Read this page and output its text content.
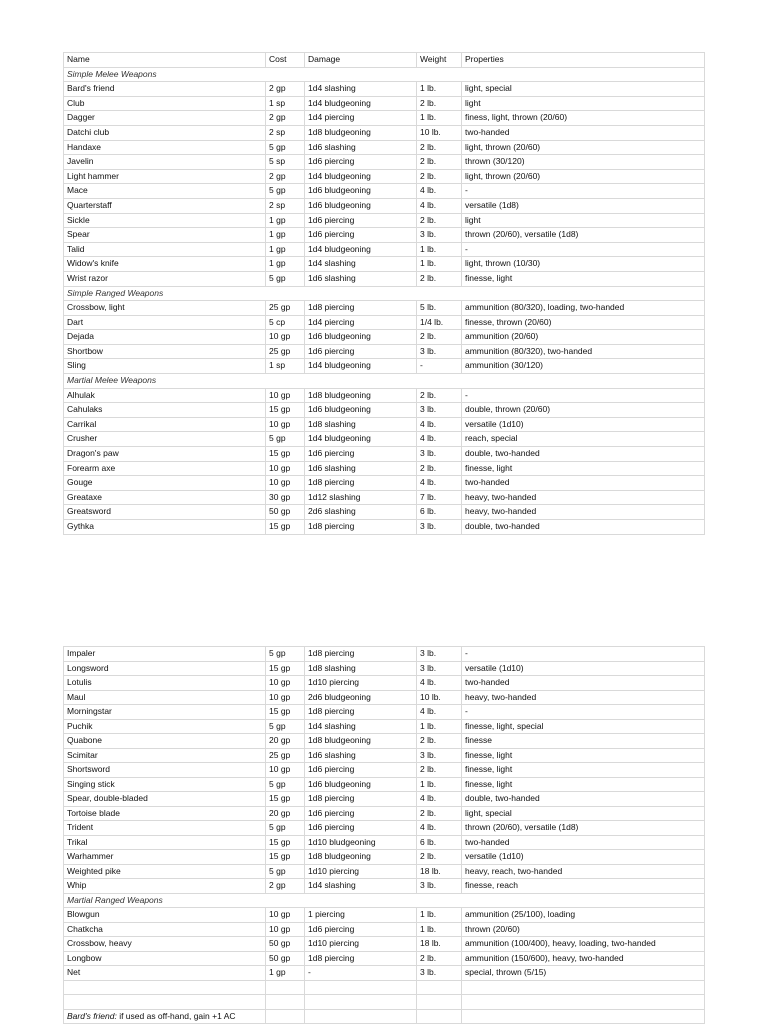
Name	Cost	Damage	Weight	Properties
Simple Melee Weapons				
Bard's friend	2 gp	1d4 slashing	1 lb.	light, special
Club	1 sp	1d4 bludgeoning	2 lb.	light
Dagger	2 gp	1d4 piercing	1 lb.	finess, light, thrown (20/60)
Datchi club	2 sp	1d8 bludgeoning	10 lb.	two-handed
Handaxe	5 gp	1d6 slashing	2 lb.	light, thrown (20/60)
Javelin	5 sp	1d6 piercing	2 lb.	thrown (30/120)
Light hammer	2 gp	1d4 bludgeoning	2 lb.	light, thrown (20/60)
Mace	5 gp	1d6 bludgeoning	4 lb.	-
Quarterstaff	2 sp	1d6 bludgeoning	4 lb.	versatile (1d8)
Sickle	1 gp	1d6 piercing	2 lb.	light
Spear	1 gp	1d6 piercing	3 lb.	thrown (20/60), versatile (1d8)
Talid	1 gp	1d4 bludgeoning	1 lb.	-
Widow's knife	1 gp	1d4 slashing	1 lb.	light, thrown (10/30)
Wrist razor	5 gp	1d6 slashing	2 lb.	finesse, light
Simple Ranged Weapons				
Crossbow, light	25 gp	1d8 piercing	5 lb.	ammunition (80/320), loading, two-handed
Dart	5 cp	1d4 piercing	1/4 lb.	finesse, thrown (20/60)
Dejada	10 gp	1d6 bludgeoning	2 lb.	ammunition (20/60)
Shortbow	25 gp	1d6 piercing	3 lb.	ammunition (80/320), two-handed
Sling	1 sp	1d4 bludgeoning	-	ammunition (30/120)
Martial Melee Weapons				
Alhulak	10 gp	1d8 bludgeoning	2 lb.	-
Cahulaks	15 gp	1d6 bludgeoning	3 lb.	double, thrown (20/60)
Carrikal	10 gp	1d8 slashing	4 lb.	versatile (1d10)
Crusher	5 gp	1d4 bludgeoning	4 lb.	reach, special
Dragon's paw	15 gp	1d6 piercing	3 lb.	double, two-handed
Forearm axe	10 gp	1d6 slashing	2 lb.	finesse, light
Gouge	10 gp	1d8 piercing	4 lb.	two-handed
Greataxe	30 gp	1d12 slashing	7 lb.	heavy, two-handed
Greatsword	50 gp	2d6 slashing	6 lb.	heavy, two-handed
Gythka	15 gp	1d8 piercing	3 lb.	double, two-handed
Impaler	5 gp	1d8 piercing	3 lb.	-
Longsword	15 gp	1d8 slashing	3 lb.	versatile (1d10)
Lotulis	10 gp	1d10 piercing	4 lb.	two-handed
Maul	10 gp	2d6 bludgeoning	10 lb.	heavy, two-handed
Morningstar	15 gp	1d8 piercing	4 lb.	-
Puchik	5 gp	1d4 slashing	1 lb.	finesse, light, special
Quabone	20 gp	1d8 bludgeoning	2 lb.	finesse
Scimitar	25 gp	1d6 slashing	3 lb.	finesse, light
Shortsword	10 gp	1d6 piercing	2 lb.	finesse, light
Singing stick	5 gp	1d6 bludgeoning	1 lb.	finesse, light
Spear, double-bladed	15 gp	1d8 piercing	4 lb.	double, two-handed
Tortoise blade	20 gp	1d6 piercing	2 lb.	light, special
Trident	5 gp	1d6 piercing	4 lb.	thrown (20/60), versatile (1d8)
Trikal	15 gp	1d10 bludgeoning	6 lb.	two-handed
Warhammer	15 gp	1d8 bludgeoning	2 lb.	versatile (1d10)
Weighted pike	5 gp	1d10 piercing	18 lb.	heavy, reach, two-handed
Whip	2 gp	1d4 slashing	3 lb.	finesse, reach
Martial Ranged Weapons				
Blowgun	10 gp	1 piercing	1 lb.	ammunition (25/100), loading
Chatkcha	10 gp	1d6 piercing	1 lb.	thrown (20/60)
Crossbow, heavy	50 gp	1d10 piercing	18 lb.	ammunition (100/400), heavy, loading, two-handed
Longbow	50 gp	1d8 piercing	2 lb.	ammunition (150/600), heavy, two-handed
Net	1 gp	-	3 lb.	special, thrown (5/15)

Bard's friend: if used as off-hand, gain +1 AC				
